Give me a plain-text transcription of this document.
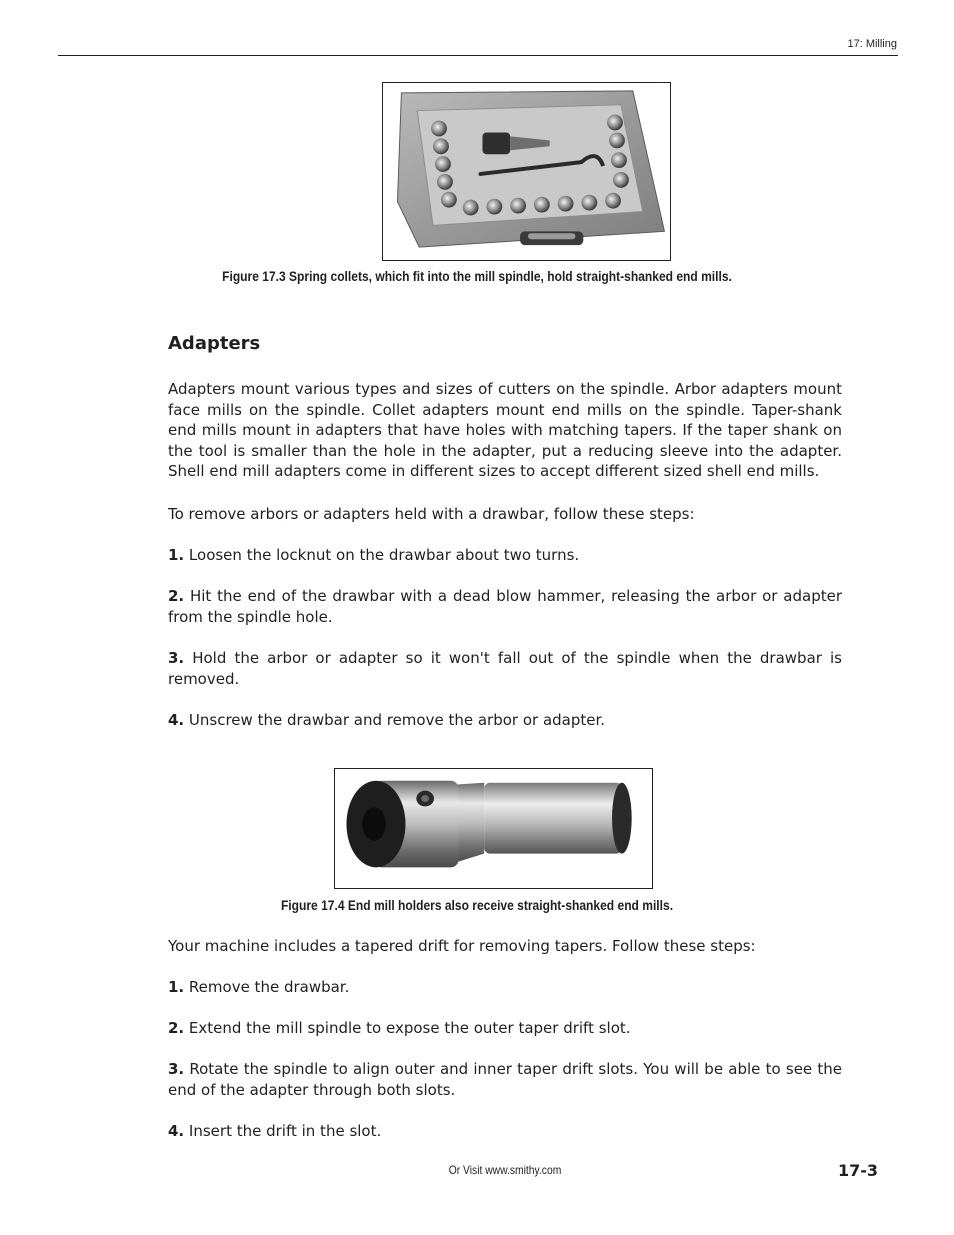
17: Milling
Figure 17.3 Spring collets, which fit into the mill spindle, hold straight-shanked end mills.
Adapters

Adapters mount various types and sizes of cutters on the spindle. Arbor adapters mount face mills on the spindle. Collet adapters mount end mills on the spindle. Taper-shank end mills mount in adapters that have holes with matching tapers. If the taper shank on the tool is smaller than the hole in the adapter, put a reducing sleeve into the adapter. Shell end mill adapters come in different sizes to accept different sized shell end mills.

To remove arbors or adapters held with a drawbar, follow these steps:

1. Loosen the locknut on the drawbar about two turns.

2. Hit the end of the drawbar with a dead blow hammer, releasing the arbor or adapter from the spindle hole.

3. Hold the arbor or adapter so it won't fall out of the spindle when the drawbar is removed.

4. Unscrew the drawbar and remove the arbor or adapter.

Figure 17.4 End mill holders also receive straight-shanked end mills.

Your machine includes a tapered drift for removing tapers. Follow these steps:

1. Remove the drawbar.

2. Extend the mill spindle to expose the outer taper drift slot.

3. Rotate the spindle to align outer and inner taper drift slots. You will be able to see the end of the adapter through both slots.

4. Insert the drift in the slot.

Or Visit www.smithy.com	17-3
